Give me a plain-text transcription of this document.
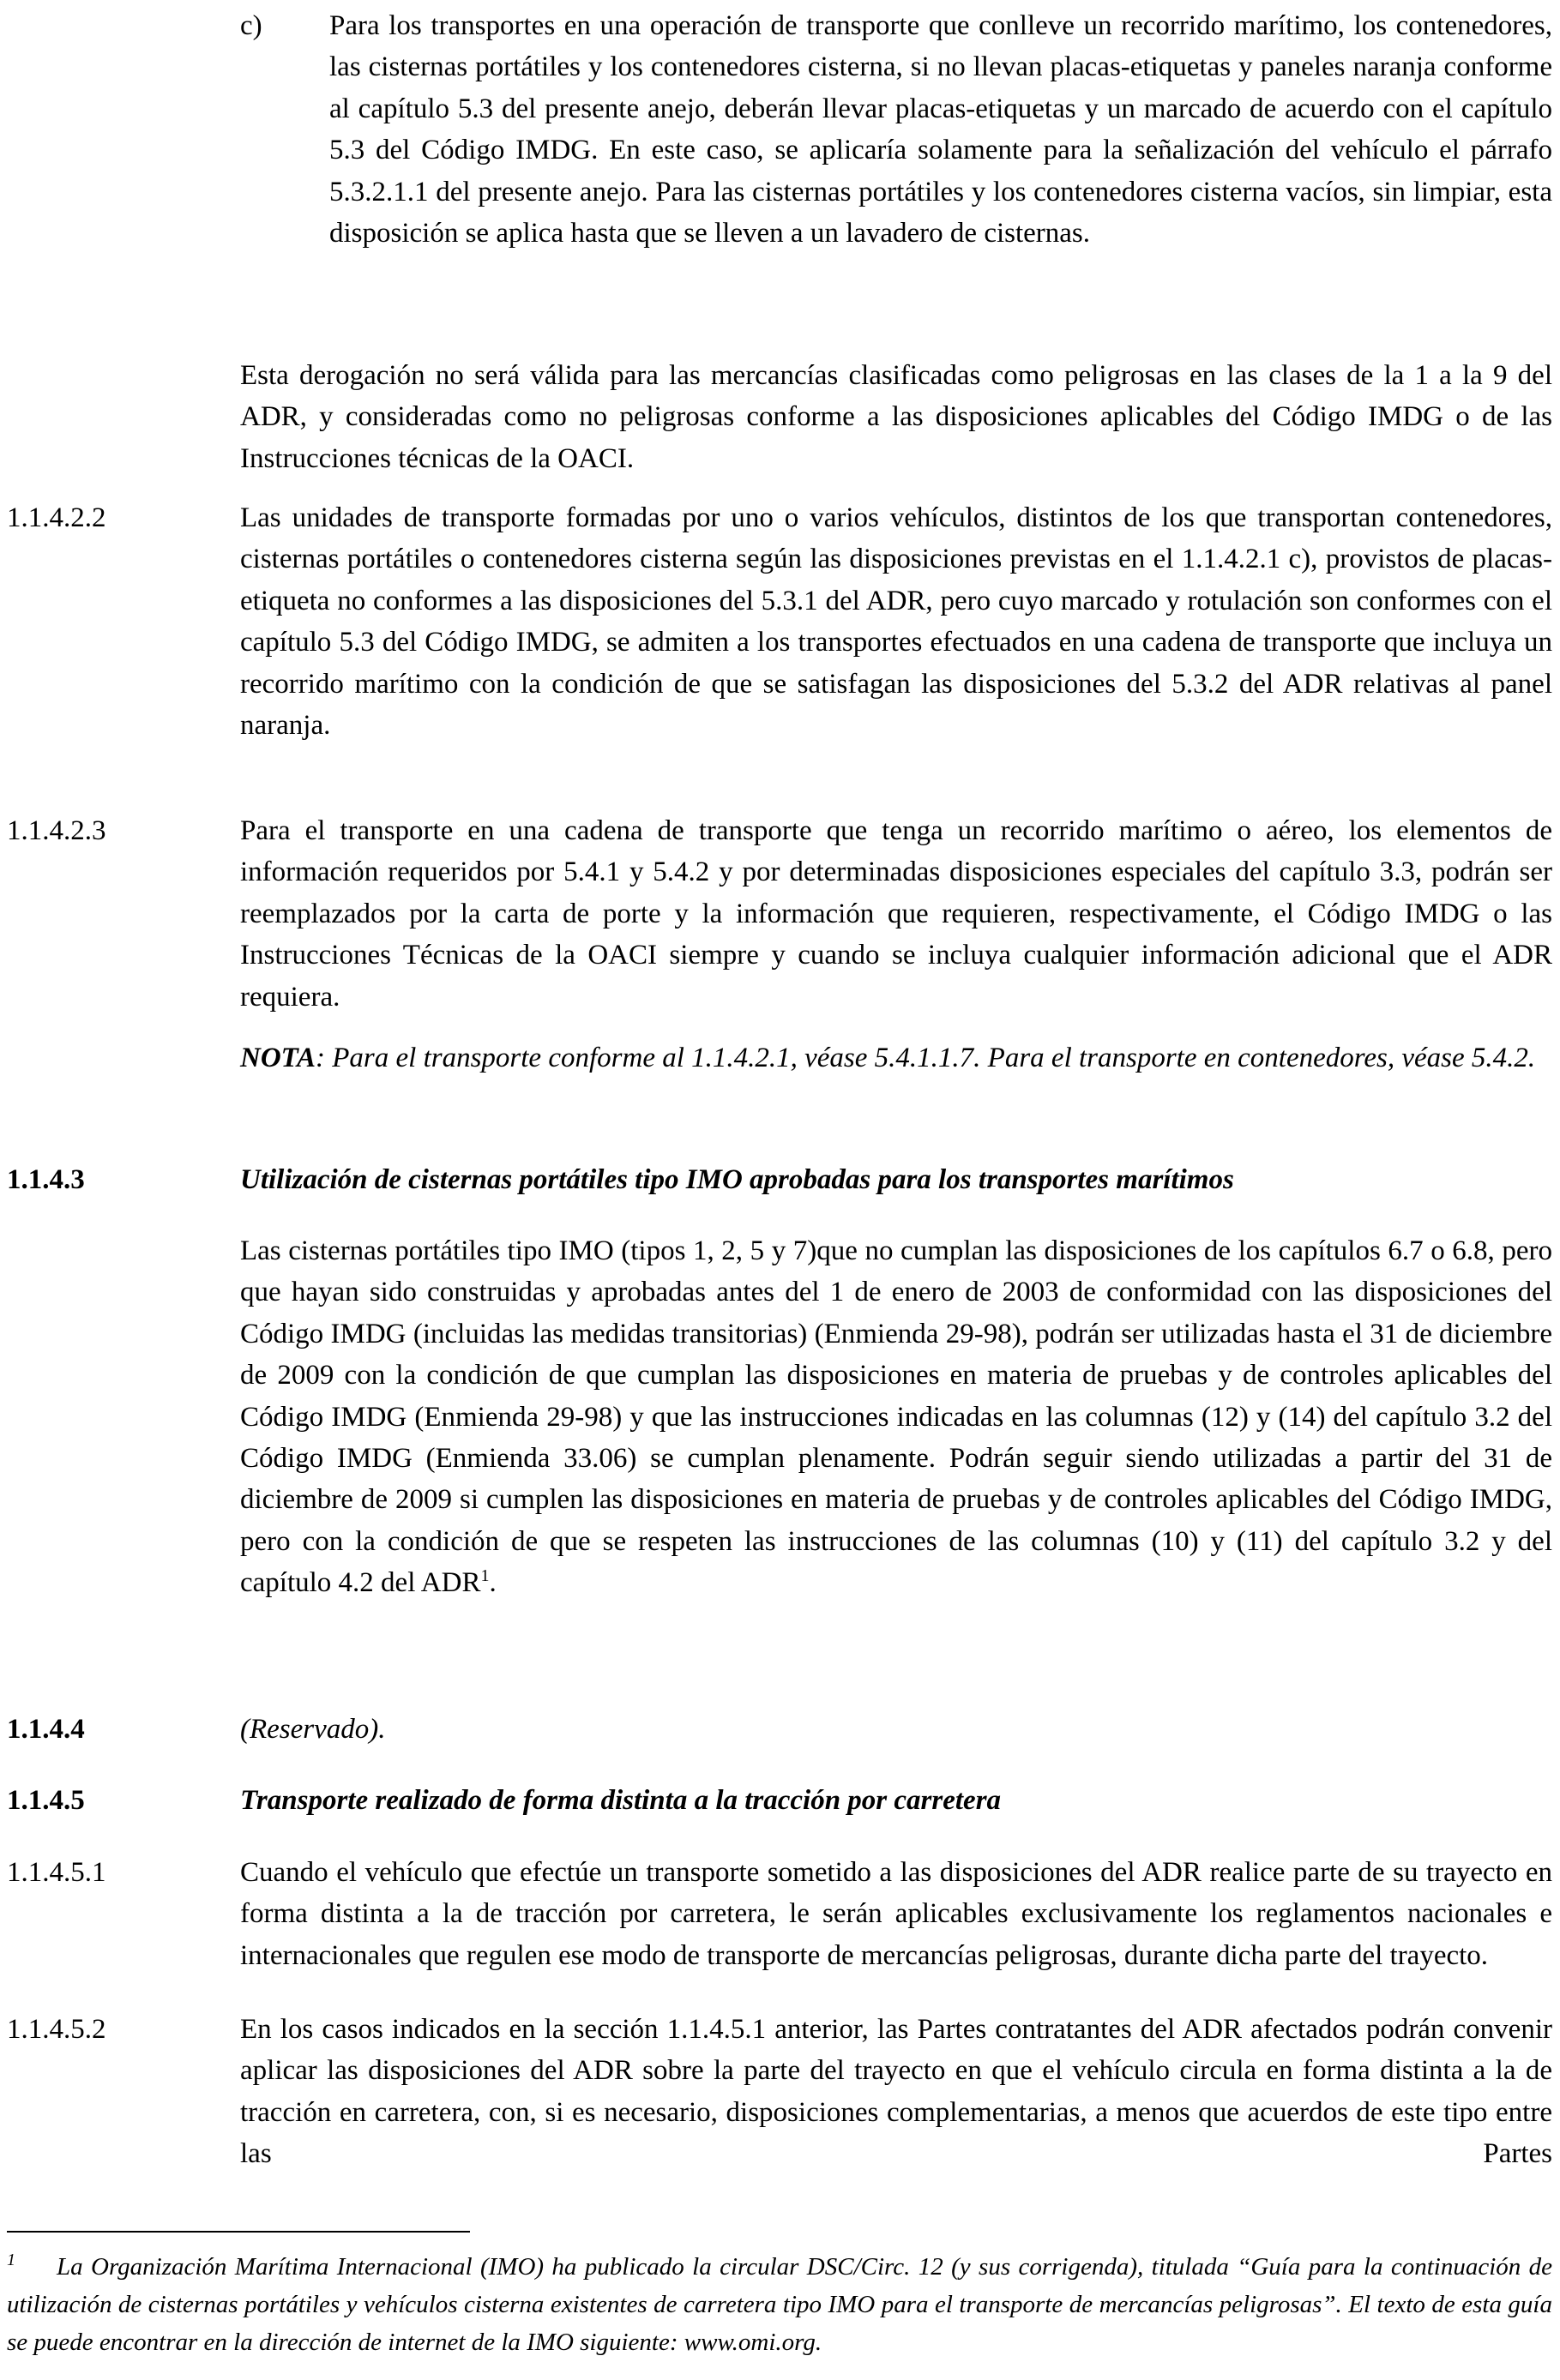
c) Para los transportes en una operación de transporte que conlleve un recorrido marítimo, los contenedores, las cisternas portátiles y los contenedores cisterna, si no llevan placas-etiquetas y paneles naranja conforme al capítulo 5.3 del presente anejo, deberán llevar placas-etiquetas y un marcado de acuerdo con el capítulo 5.3 del Código IMDG. En este caso, se aplicaría solamente para la señalización del vehículo el párrafo 5.3.2.1.1 del presente anejo. Para las cisternas portátiles y los contenedores cisterna vacíos, sin limpiar, esta disposición se aplica hasta que se lleven a un lavadero de cisternas.

Esta derogación no será válida para las mercancías clasificadas como peligrosas en las clases de la 1 a la 9 del ADR, y consideradas como no peligrosas conforme a las disposiciones aplicables del Código IMDG o de las Instrucciones técnicas de la OACI.

1.1.4.2.2	Las unidades de transporte formadas por uno o varios vehículos, distintos de los que transportan contenedores, cisternas portátiles o contenedores cisterna según las disposiciones previstas en el 1.1.4.2.1 c), provistos de placas-etiqueta no conformes a las disposiciones del 5.3.1 del ADR, pero cuyo marcado y rotulación son conformes con el capítulo 5.3 del Código IMDG, se admiten a los transportes efectuados en una cadena de transporte que incluya un recorrido marítimo con la condición de que se satisfagan las disposiciones del 5.3.2 del ADR relativas al panel naranja.

1.1.4.2.3	Para el transporte en una cadena de transporte que tenga un recorrido marítimo o aéreo, los elementos de información requeridos por 5.4.1 y 5.4.2 y por determinadas disposiciones especiales del capítulo 3.3, podrán ser reemplazados por la carta de porte y la información que requieren, respectivamente, el Código IMDG o las Instrucciones Técnicas de la OACI siempre y cuando se incluya cualquier información adicional que el ADR requiera.

NOTA: Para el transporte conforme al 1.1.4.2.1, véase 5.4.1.1.7. Para el transporte en contenedores, véase 5.4.2.

1.1.4.3	Utilización de cisternas portátiles tipo IMO aprobadas para los transportes marítimos

Las cisternas portátiles tipo IMO (tipos 1, 2, 5 y 7)que no cumplan las disposiciones de los capítulos 6.7 o 6.8, pero que hayan sido construidas y aprobadas antes del 1 de enero de 2003 de conformidad con las disposiciones del Código IMDG (incluidas las medidas transitorias) (Enmienda 29-98), podrán ser utilizadas hasta el 31 de diciembre de 2009 con la condición de que cumplan las disposiciones en materia de pruebas y de controles aplicables del Código IMDG (Enmienda 29-98) y que las instrucciones indicadas en las columnas (12) y (14) del capítulo 3.2 del Código IMDG (Enmienda 33.06) se cumplan plenamente. Podrán seguir siendo utilizadas a partir del 31 de diciembre de 2009 si cumplen las disposiciones en materia de pruebas y de controles aplicables del Código IMDG, pero con la condición de que se respeten las instrucciones de las columnas (10) y (11) del capítulo 3.2 y del capítulo 4.2 del ADR$^1$.

1.1.4.4	(Reservado).

1.1.4.5	Transporte realizado de forma distinta a la tracción por carretera

1.1.4.5.1	Cuando el vehículo que efectúe un transporte sometido a las disposiciones del ADR realice parte de su trayecto en forma distinta a la de tracción por carretera, le serán aplicables exclusivamente los reglamentos nacionales e internacionales que regulen ese modo de transporte de mercancías peligrosas, durante dicha parte del trayecto.

1.1.4.5.2	En los casos indicados en la sección 1.1.4.5.1 anterior, las Partes contratantes del ADR afectados podrán convenir aplicar las disposiciones del ADR sobre la parte del trayecto en que el vehículo circula en forma distinta a la de tracción en carretera, con, si es necesario, disposiciones complementarias, a menos que acuerdos de este tipo entre las Partes

1 La Organización Marítima Internacional (IMO) ha publicado la circular DSC/Circ. 12 (y sus corrigenda), titulada “Guía para la continuación de utilización de cisternas portátiles y vehículos cisterna existentes de carretera tipo IMO para el transporte de mercancías peligrosas”. El texto de esta guía se puede encontrar en la dirección de internet de la IMO siguiente: www.omi.org.
